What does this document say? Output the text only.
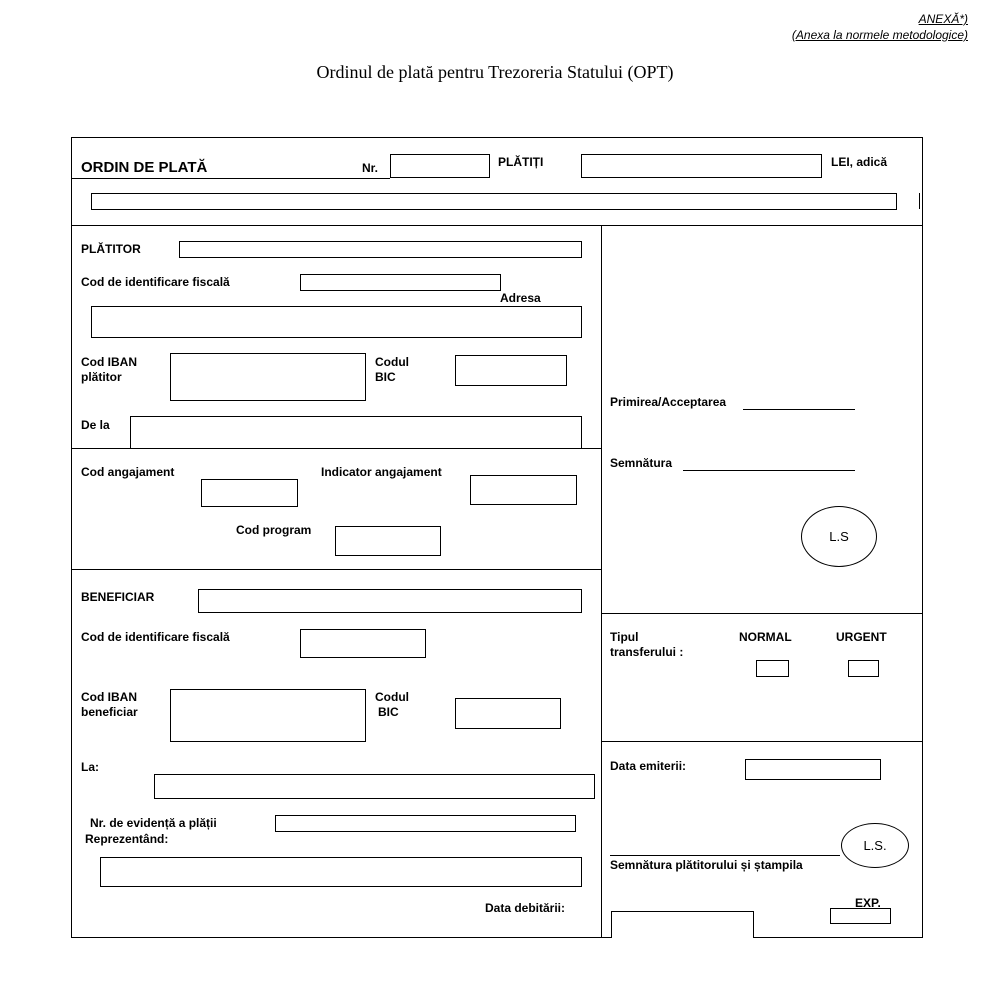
ANEXĂ*)
(Anexa la normele metodologice)
Ordinul de plată pentru Trezoreria Statului (OPT)
ORDIN DE PLATĂ	Nr.	PLĂTIȚI	LEI, adică
PLĂTITOR
Cod de identificare fiscală
Adresa
Cod IBAN
plătitor
Codul
BIC
De la
Cod angajament	Indicator angajament
Cod program
BENEFICIAR
Cod de identificare fiscală
Cod IBAN
beneficiar
Codul
BIC
La:
Nr. de evidență a plății
Reprezentând:
Data debitării:
Primirea/Acceptarea
Semnătura
L.S
Tipul
transferului :
NORMAL	URGENT
Data emiterii:
L.S.
Semnătura plătitorului și ștampila
EXP.
